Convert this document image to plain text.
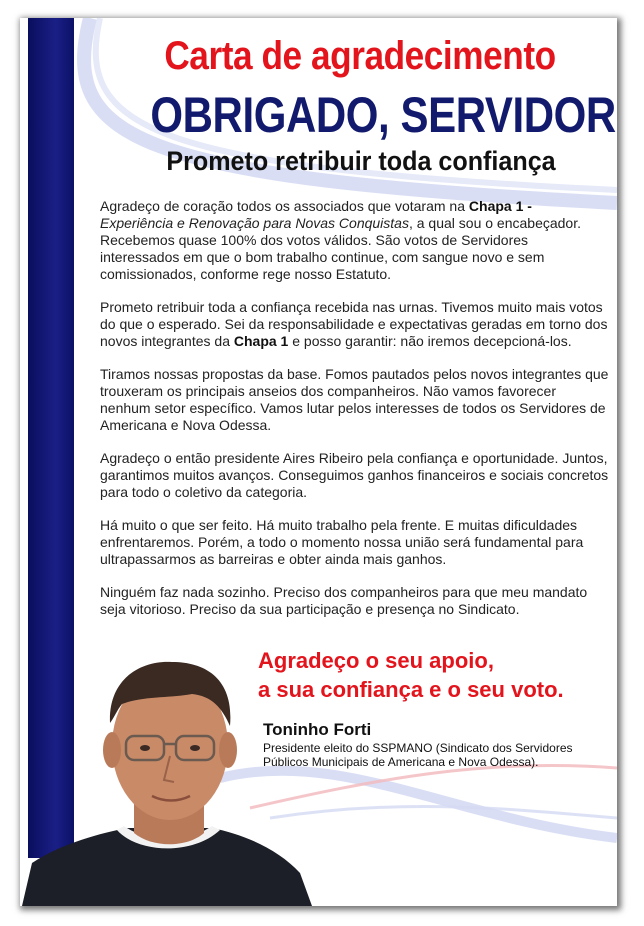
Carta de agradecimento
OBRIGADO, SERVIDOR
Prometo retribuir toda confiança

Agradeço de coração todos os associados que votaram na Chapa 1 -
Experiência e Renovação para Novas Conquistas, a qual sou o encabeçador. Recebemos quase 100% dos votos válidos. São votos de Servidores interessados em que o bom trabalho continue, com sangue novo e sem comissionados, conforme rege nosso Estatuto.

Prometo retribuir toda a confiança recebida nas urnas. Tivemos muito mais votos do que o esperado. Sei da responsabilidade e expectativas geradas em torno dos novos integrantes da Chapa 1 e posso garantir: não iremos decepcioná-los.

Tiramos nossas propostas da base. Fomos pautados pelos novos integrantes que trouxeram os principais anseios dos companheiros. Não vamos favorecer nenhum setor específico. Vamos lutar pelos interesses de todos os Servidores de Americana e Nova Odessa.

Agradeço o então presidente Aires Ribeiro pela confiança e oportunidade. Juntos, garantimos muitos avanços. Conseguimos ganhos financeiros e sociais concretos para todo o coletivo da categoria.

Há muito o que ser feito. Há muito trabalho pela frente. E muitas dificuldades enfrentaremos. Porém, a todo o momento nossa união será fundamental para ultrapassarmos as barreiras e obter ainda mais ganhos.

Ninguém faz nada sozinho. Preciso dos companheiros para que meu mandato seja vitorioso. Preciso da sua participação e presença no Sindicato.

Agradeço o seu apoio,
a sua confiança e o seu voto.
Toninho Forti
Presidente eleito do SSPMANO (Sindicato dos Servidores Públicos Municipais de Americana e Nova Odessa).
